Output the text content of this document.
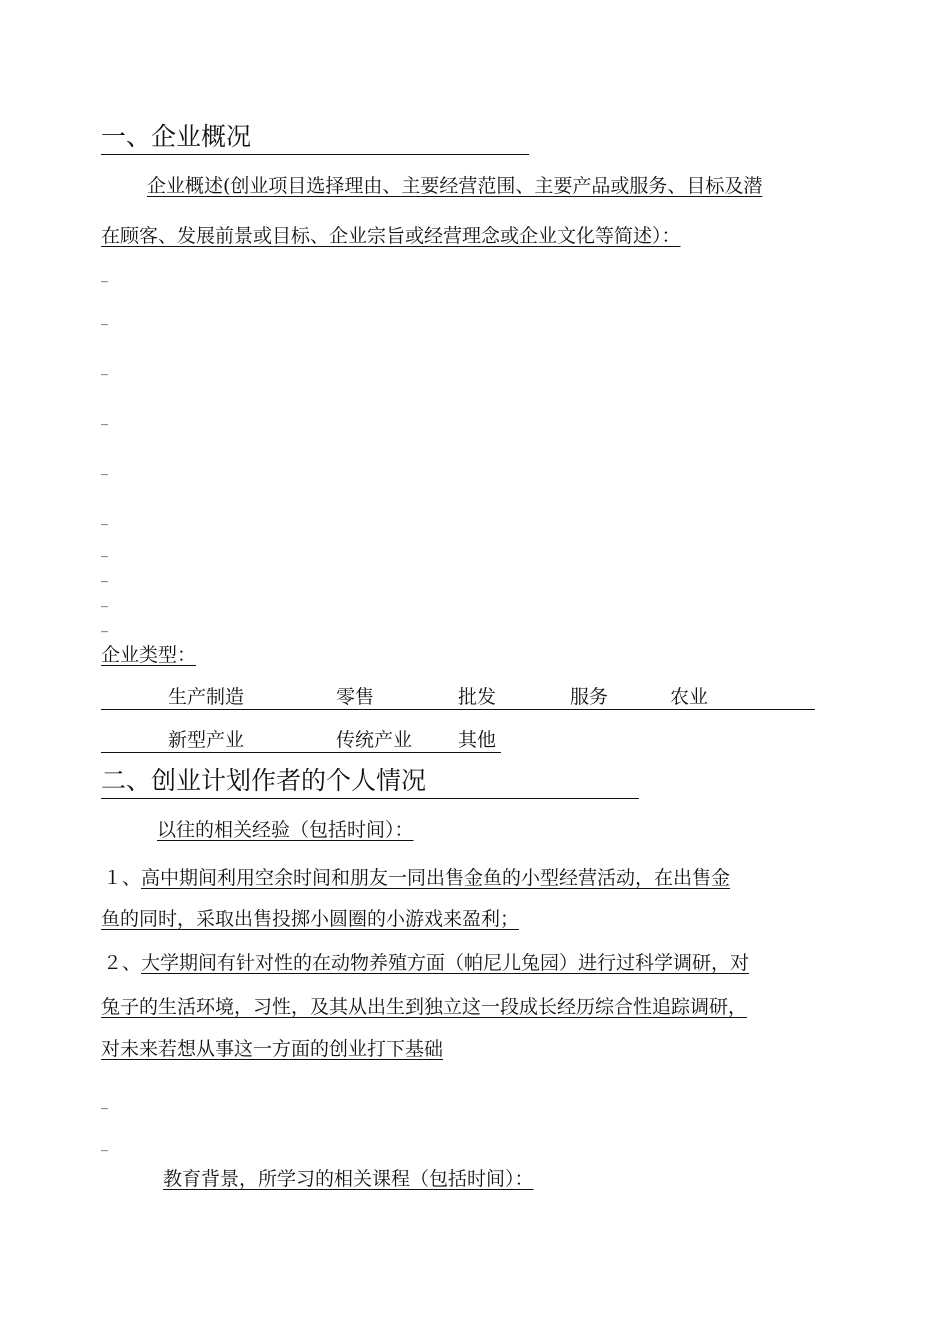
一、企业概况
企业概述(创业项目选择理由、主要经营范围、主要产品或服务、目标及潜
在顾客、发展前景或目标、企业宗旨或经营理念或企业文化等简述）：
_
_
_
_
_
_
_
_
_
_
企业类型：
生产制造	零售	批发	服务	农业
新型产业	传统产业 其他
二、创业计划作者的个人情况
以往的相关经验（包括时间）：
１、高中期间利用空余时间和朋友一同出售金鱼的小型经营活动，在出售金
鱼的同时，采取出售投掷小圆圈的小游戏来盈利；
２、大学期间有针对性的在动物养殖方面（帕尼儿兔园）进行过科学调研，对
兔子的生活环境，习性，及其从出生到独立这一段成长经历综合性追踪调研，
对未来若想从事这一方面的创业打下基础
_
_
教育背景，所学习的相关课程（包括时间）：
